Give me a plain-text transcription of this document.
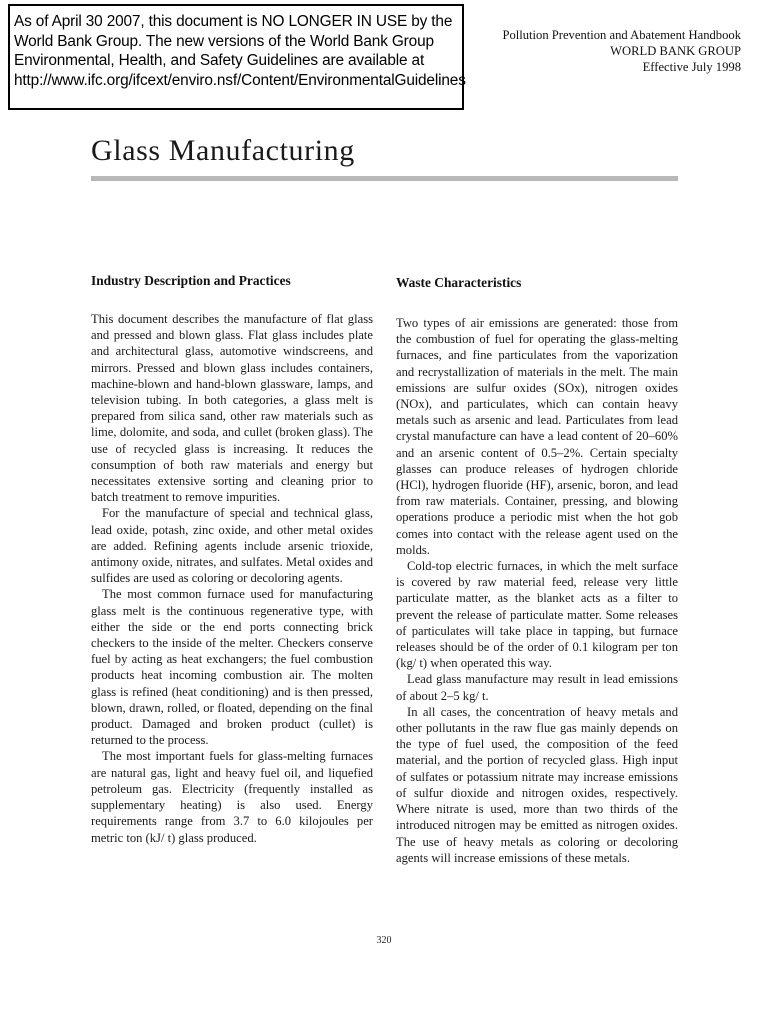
As of April 30 2007, this document is NO LONGER IN USE by the
World Bank Group. The new versions of the World Bank Group
Environmental, Health, and Safety Guidelines are available at
http://www.ifc.org/ifcext/enviro.nsf/Content/EnvironmentalGuidelines
Pollution Prevention and Abatement Handbook
WORLD BANK GROUP
Effective July 1998
Glass Manufacturing
Industry Description and Practices

This document describes the manufacture of flat glass and pressed and blown glass. Flat glass includes plate and architectural glass, automotive windscreens, and mirrors. Pressed and blown glass includes containers, machine-blown and hand-blown glassware, lamps, and television tubing. In both categories, a glass melt is prepared from silica sand, other raw materials such as lime, dolomite, and soda, and cullet (broken glass). The use of recycled glass is increasing. It reduces the consumption of both raw materials and energy but necessitates extensive sorting and cleaning prior to batch treatment to remove impurities.

For the manufacture of special and technical glass, lead oxide, potash, zinc oxide, and other metal oxides are added. Refining agents include arsenic trioxide, antimony oxide, nitrates, and sulfates. Metal oxides and sulfides are used as coloring or decoloring agents.

The most common furnace used for manufacturing glass melt is the continuous regenerative type, with either the side or the end ports connecting brick checkers to the inside of the melter. Checkers conserve fuel by acting as heat exchangers; the fuel combustion products heat incoming combustion air. The molten glass is refined (heat conditioning) and is then pressed, blown, drawn, rolled, or floated, depending on the final product. Damaged and broken product (cullet) is returned to the process.

The most important fuels for glass-melting furnaces are natural gas, light and heavy fuel oil, and liquefied petroleum gas. Electricity (frequently installed as supplementary heating) is also used. Energy requirements range from 3.7 to 6.0 kilojoules per metric ton (kJ/ t) glass produced.

Waste Characteristics

Two types of air emissions are generated: those from the combustion of fuel for operating the glass-melting furnaces, and fine particulates from the vaporization and recrystallization of materials in the melt. The main emissions are sulfur oxides (SOx), nitrogen oxides (NOx), and particulates, which can contain heavy metals such as arsenic and lead. Particulates from lead crystal manufacture can have a lead content of 20–60% and an arsenic content of 0.5–2%. Certain specialty glasses can produce releases of hydrogen chloride (HCl), hydrogen fluoride (HF), arsenic, boron, and lead from raw materials. Container, pressing, and blowing operations produce a periodic mist when the hot gob comes into contact with the release agent used on the molds.

Cold-top electric furnaces, in which the melt surface is covered by raw material feed, release very little particulate matter, as the blanket acts as a filter to prevent the release of particulate matter. Some releases of particulates will take place in tapping, but furnace releases should be of the order of 0.1 kilogram per ton (kg/ t) when operated this way.

Lead glass manufacture may result in lead emissions of about 2–5 kg/ t.

In all cases, the concentration of heavy metals and other pollutants in the raw flue gas mainly depends on the type of fuel used, the composition of the feed material, and the portion of recycled glass. High input of sulfates or potassium nitrate may increase emissions of sulfur dioxide and nitrogen oxides, respectively. Where nitrate is used, more than two thirds of the introduced nitrogen may be emitted as nitrogen oxides. The use of heavy metals as coloring or decoloring agents will increase emissions of these metals.

320
